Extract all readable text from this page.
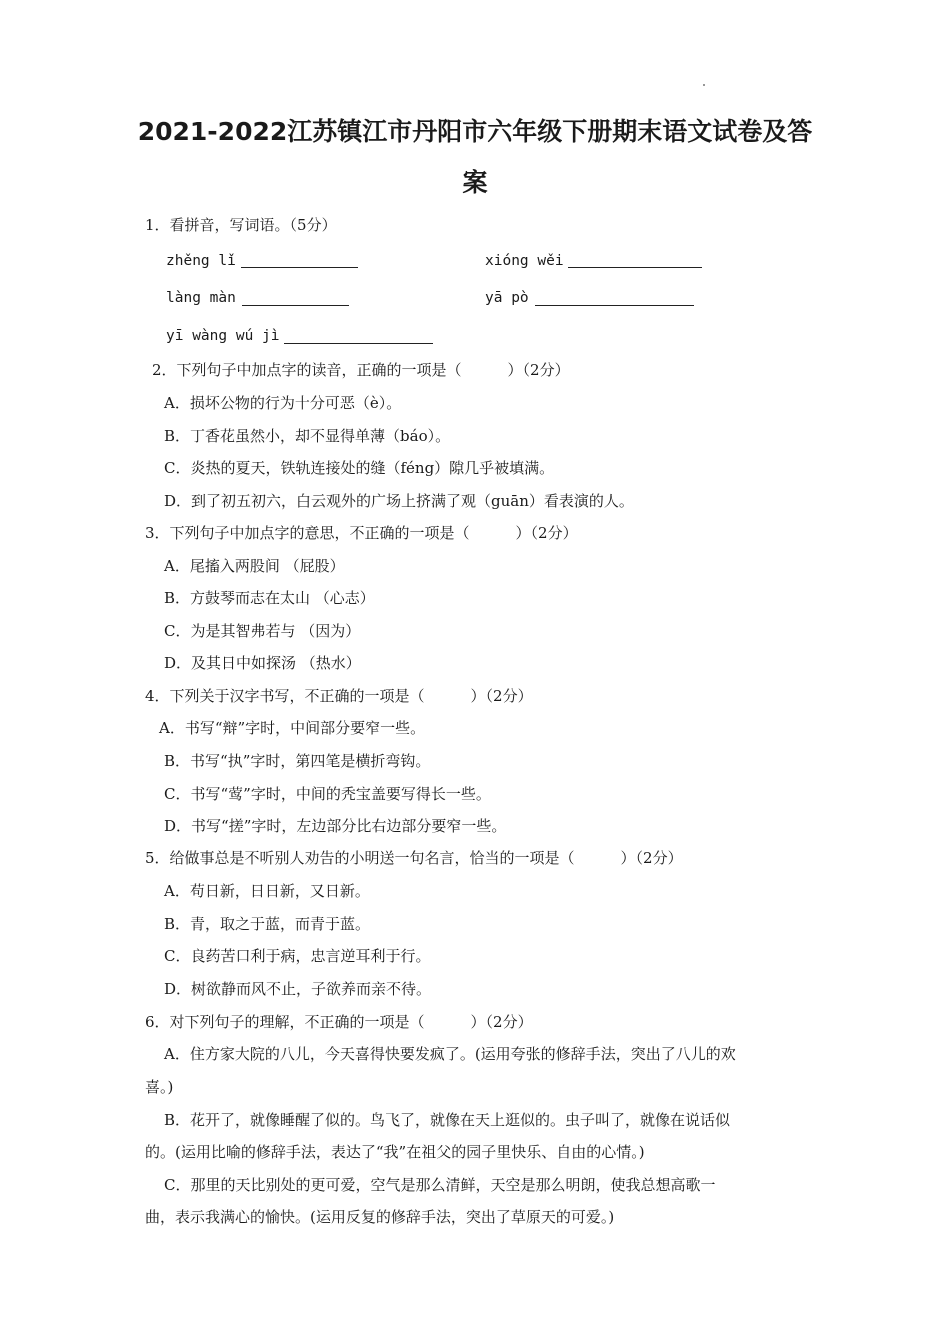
2021-2022江苏镇江市丹阳市六年级下册期末语文试卷及答
案
1．看拼音，写词语。（5分）
zhěng lǐ	xióng wěi
làng màn	yā pò
yī wàng wú jì
2．下列句子中加点字的读音，正确的一项是（	）（2分）
A．损坏公物的行为十分可恶（è）。
B．丁香花虽然小，却不显得单薄（báo）。
C．炎热的夏天，铁轨连接处的缝（féng）隙几乎被填满。
D．到了初五初六，白云观外的广场上挤满了观（guān）看表演的人。
3．下列句子中加点字的意思，不正确的一项是（	）（2分）
A．尾搐入两股间 （屁股）
B．方鼓琴而志在太山 （心志）
C．为是其智弗若与 （因为）
D．及其日中如探汤 （热水）
4．下列关于汉字书写，不正确的一项是（	）（2分）
A．书写“辩”字时，中间部分要窄一些。
B．书写“执”字时，第四笔是横折弯钩。
C．书写“莺”字时，中间的秃宝盖要写得长一些。
D．书写“搓”字时，左边部分比右边部分要窄一些。
5．给做事总是不听别人劝告的小明送一句名言，恰当的一项是（	）（2分）
A．苟日新，日日新，又日新。
B．青，取之于蓝，而青于蓝。
C．良药苦口利于病，忠言逆耳利于行。
D．树欲静而风不止，子欲养而亲不待。
6．对下列句子的理解，不正确的一项是（	）（2分）
A．住方家大院的八儿，今天喜得快要发疯了。(运用夸张的修辞手法，突出了八儿的欢
喜。)
B．花开了，就像睡醒了似的。鸟飞了，就像在天上逛似的。虫子叫了，就像在说话似
的。(运用比喻的修辞手法，表达了“我”在祖父的园子里快乐、自由的心情。)
C．那里的天比别处的更可爱，空气是那么清鲜，天空是那么明朗，使我总想高歌一
曲，表示我满心的愉快。(运用反复的修辞手法，突出了草原天的可爱。)
